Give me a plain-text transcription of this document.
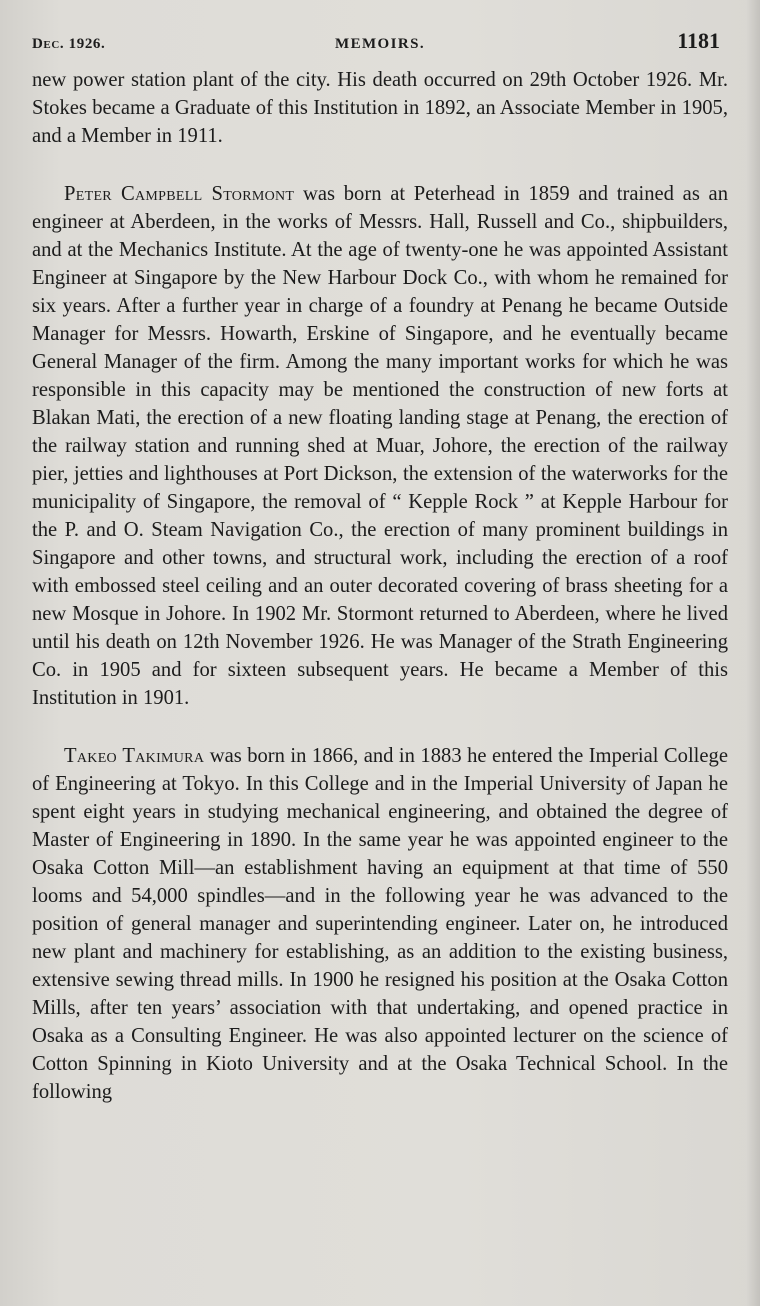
Dec. 1926.	MEMOIRS.	1181

new power station plant of the city. His death occurred on 29th October 1926. Mr. Stokes became a Graduate of this Institution in 1892, an Associate Member in 1905, and a Member in 1911.

Peter Campbell Stormont was born at Peterhead in 1859 and trained as an engineer at Aberdeen, in the works of Messrs. Hall, Russell and Co., shipbuilders, and at the Mechanics Institute. At the age of twenty-one he was appointed Assistant Engineer at Singapore by the New Harbour Dock Co., with whom he remained for six years. After a further year in charge of a foundry at Penang he became Outside Manager for Messrs. Howarth, Erskine of Singapore, and he eventually became General Manager of the firm. Among the many important works for which he was responsible in this capacity may be mentioned the construction of new forts at Blakan Mati, the erection of a new floating landing stage at Penang, the erection of the railway station and running shed at Muar, Johore, the erection of the railway pier, jetties and lighthouses at Port Dickson, the extension of the waterworks for the municipality of Singapore, the removal of “ Kepple Rock ” at Kepple Harbour for the P. and O. Steam Navigation Co., the erection of many prominent buildings in Singapore and other towns, and structural work, including the erection of a roof with embossed steel ceiling and an outer decorated covering of brass sheeting for a new Mosque in Johore. In 1902 Mr. Stormont returned to Aberdeen, where he lived until his death on 12th November 1926. He was Manager of the Strath Engineering Co. in 1905 and for sixteen subsequent years. He became a Member of this Institution in 1901.

Takeo Takimura was born in 1866, and in 1883 he entered the Imperial College of Engineering at Tokyo. In this College and in the Imperial University of Japan he spent eight years in studying mechanical engineering, and obtained the degree of Master of Engineering in 1890. In the same year he was appointed engineer to the Osaka Cotton Mill—an establishment having an equipment at that time of 550 looms and 54,000 spindles—and in the following year he was advanced to the position of general manager and superintending engineer. Later on, he introduced new plant and machinery for establishing, as an addition to the existing business, extensive sewing thread mills. In 1900 he resigned his position at the Osaka Cotton Mills, after ten years’ association with that undertaking, and opened practice in Osaka as a Consulting Engineer. He was also appointed lecturer on the science of Cotton Spinning in Kioto University and at the Osaka Technical School. In the following
